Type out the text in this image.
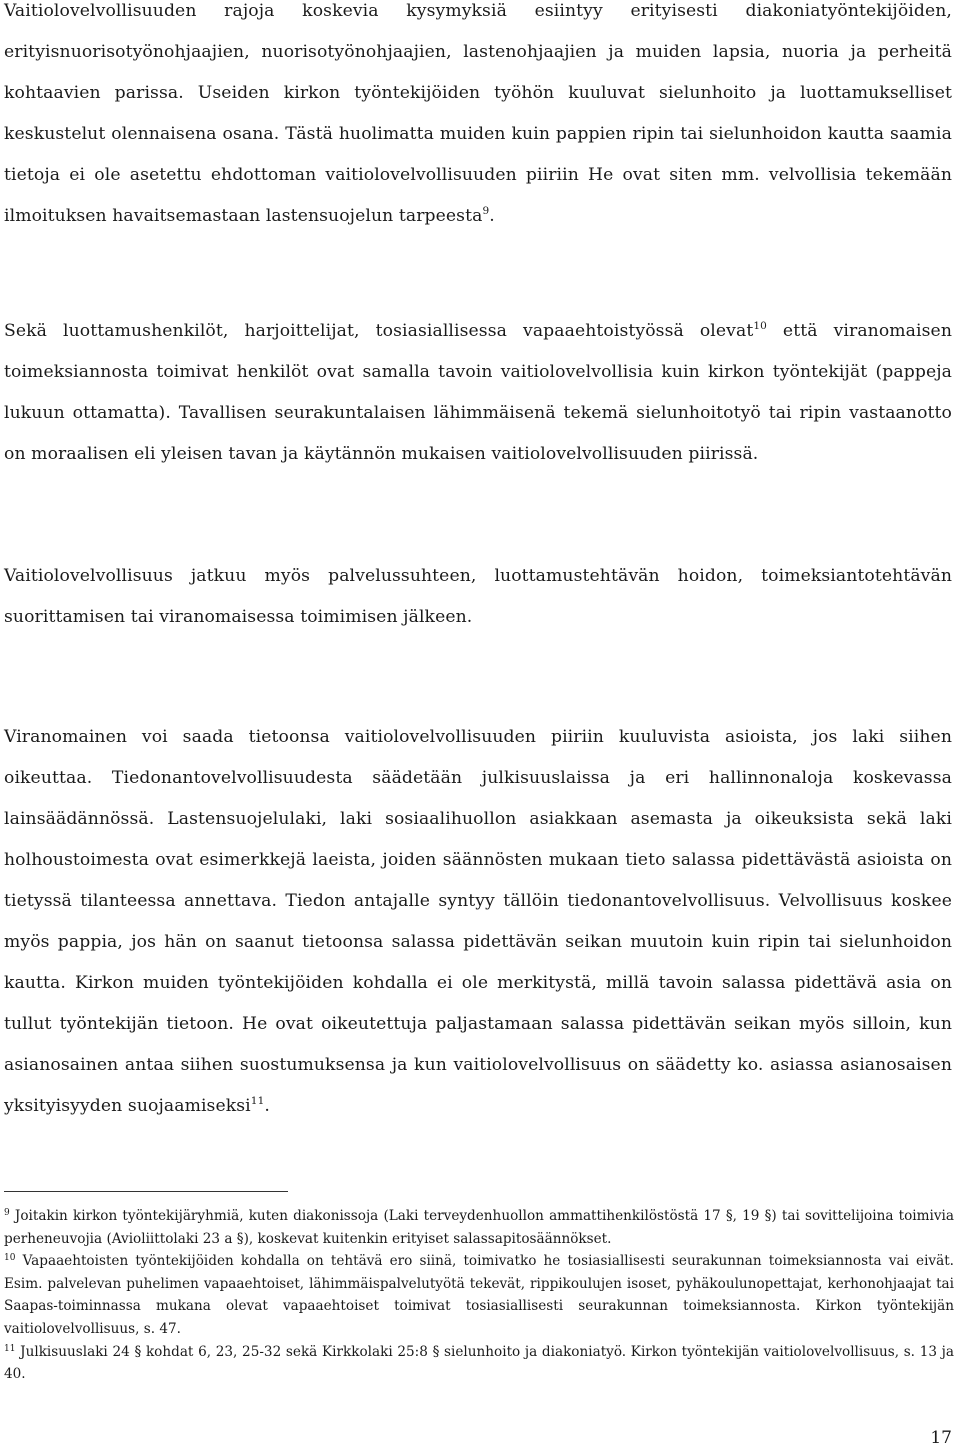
Vaitiolovelvollisuuden rajoja koskevia kysymyksiä esiintyy erityisesti diakoniatyöntekijöiden, erityisnuorisotyönohjaajien, nuorisotyönohjaajien, lastenohjaajien ja muiden lapsia, nuoria ja perheitä kohtaavien parissa. Useiden kirkon työntekijöiden työhön kuuluvat sielunhoito ja luottamukselliset keskustelut olennaisena osana. Tästä huolimatta muiden kuin pappien ripin tai sielunhoidon kautta saamia tietoja ei ole asetettu ehdottoman vaitiolovelvollisuuden piiriin He ovat siten mm. velvollisia tekemään ilmoituksen havaitsemastaan lastensuojelun tarpeesta$^9$.

Sekä luottamushenkilöt, harjoittelijat, tosiasiallisessa vapaaehtoistyössä olevat$^{10}$ että viranomaisen toimeksiannosta toimivat henkilöt ovat samalla tavoin vaitiolovelvollisia kuin kirkon työntekijät (pappeja lukuun ottamatta). Tavallisen seurakuntalaisen lähimmäisenä tekemä sielunhoitotyö tai ripin vastaanotto on moraalisen eli yleisen tavan ja käytännön mukaisen vaitiolovelvollisuuden piirissä.

Vaitiolovelvollisuus jatkuu myös palvelussuhteen, luottamustehtävän hoidon, toimeksiantotehtävän suorittamisen tai viranomaisessa toimimisen jälkeen.

Viranomainen voi saada tietoonsa vaitiolovelvollisuuden piiriin kuuluvista asioista, jos laki siihen oikeuttaa. Tiedonantovelvollisuudesta säädetään julkisuuslaissa ja eri hallinnonaloja koskevassa lainsäädännössä. Lastensuojelulaki, laki sosiaalihuollon asiakkaan asemasta ja oikeuksista sekä laki holhoustoimesta ovat esimerkkejä laeista, joiden säännösten mukaan tieto salassa pidettävästä asioista on tietyssä tilanteessa annettava. Tiedon antajalle syntyy tällöin tiedonantovelvollisuus. Velvollisuus koskee myös pappia, jos hän on saanut tietoonsa salassa pidettävän seikan muutoin kuin ripin tai sielunhoidon kautta. Kirkon muiden työntekijöiden kohdalla ei ole merkitystä, millä tavoin salassa pidettävä asia on tullut työntekijän tietoon. He ovat oikeutettuja paljastamaan salassa pidettävän seikan myös silloin, kun asianosainen antaa siihen suostumuksensa ja kun vaitiolovelvollisuus on säädetty ko. asiassa asianosaisen yksityisyyden suojaamiseksi$^{11}$.

$^9$ Joitakin kirkon työntekijäryhmiä, kuten diakonissoja (Laki terveydenhuollon ammattihenkilöstöstä 17 §, 19 §) tai sovittelijoina toimivia perheneuvojia (Avioliittolaki 23 a §), koskevat kuitenkin erityiset salassapitosäännökset.

$^{10}$ Vapaaehtoisten työntekijöiden kohdalla on tehtävä ero siinä, toimivatko he tosiasiallisesti seurakunnan toimeksiannosta vai eivät. Esim. palvelevan puhelimen vapaaehtoiset, lähimmäispalvelutyötä tekevät, rippikoulujen isoset, pyhäkoulunopettajat, kerhonohjaajat tai Saapas-toiminnassa mukana olevat vapaaehtoiset toimivat tosiasiallisesti seurakunnan toimeksiannosta. Kirkon työntekijän vaitiolovelvollisuus, s. 47.

$^{11}$ Julkisuuslaki 24 § kohdat 6, 23, 25-32 sekä Kirkkolaki 25:8 § sielunhoito ja diakoniatyö. Kirkon työntekijän vaitiolovelvollisuus, s. 13 ja 40.

17
